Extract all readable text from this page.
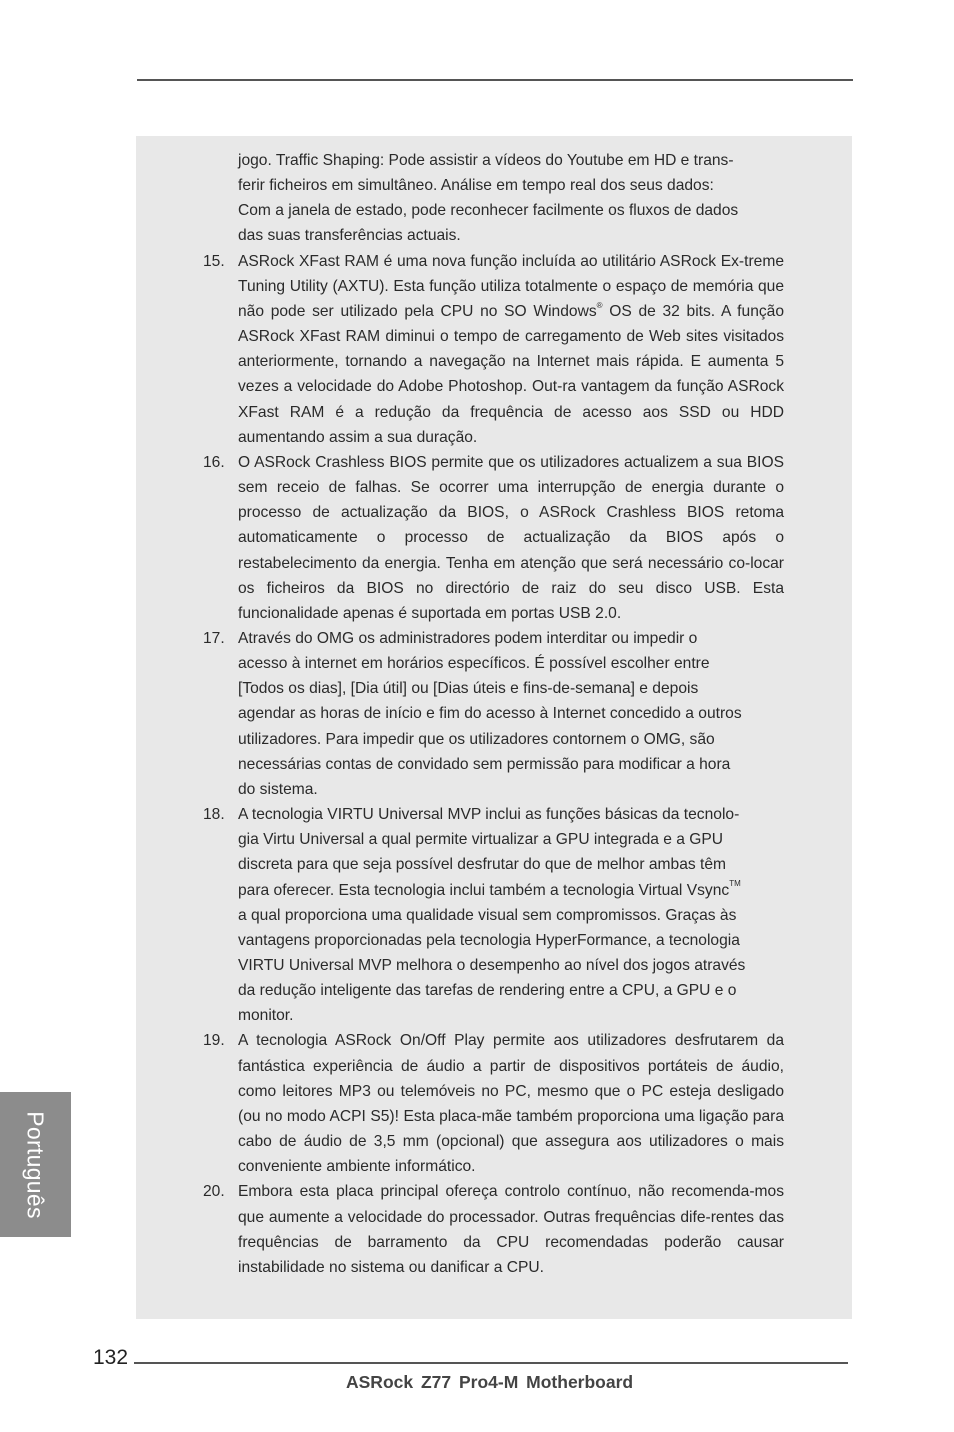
jogo. Traffic Shaping: Pode assistir a vídeos do Youtube em HD e trans-
ferir ficheiros em simultâneo. Análise em tempo real dos seus dados:
Com a janela de estado, pode reconhecer facilmente os fluxos de dados
das suas transferências actuais.
15. ASRock XFast RAM é uma nova função incluída ao utilitário ASRock Ex-treme Tuning Utility (AXTU). Esta função utiliza totalmente o espaço de memória que não pode ser utilizado pela CPU no SO Windows® OS de 32 bits. A função ASRock XFast RAM diminui o tempo de carregamento de Web sites visitados anteriormente, tornando a navegação na Internet mais rápida. E aumenta 5 vezes a velocidade do Adobe Photoshop. Out-ra vantagem da função ASRock XFast RAM é a redução da frequência de acesso aos SSD ou HDD aumentando assim a sua duração.
16. O ASRock Crashless BIOS permite que os utilizadores actualizem a sua BIOS sem receio de falhas. Se ocorrer uma interrupção de energia durante o processo de actualização da BIOS, o ASRock Crashless BIOS retoma automaticamente o processo de actualização da BIOS após o restabelecimento da energia. Tenha em atenção que será necessário co-locar os ficheiros da BIOS no directório de raiz do seu disco USB. Esta funcionalidade apenas é suportada em portas USB 2.0.
17. Através do OMG os administradores podem interditar ou impedir o
acesso à internet em horários específicos. É possível escolher entre
[Todos os dias], [Dia útil] ou [Dias úteis e fins-de-semana] e depois
agendar as horas de início e fim do acesso à Internet concedido a outros
utilizadores. Para impedir que os utilizadores contornem o OMG, são
necessárias contas de convidado sem permissão para modificar a hora
do sistema.
18. A tecnologia VIRTU Universal MVP inclui as funções básicas da tecnolo-
gia Virtu Universal a qual permite virtualizar a GPU integrada e a GPU
discreta para que seja possível desfrutar do que de melhor ambas têm
para oferecer. Esta tecnologia inclui também a tecnologia Virtual Vsync™
a qual proporciona uma qualidade visual sem compromissos. Graças às
vantagens proporcionadas pela tecnologia HyperFormance, a tecnologia
VIRTU Universal MVP melhora o desempenho ao nível dos jogos através
da redução inteligente das tarefas de rendering entre a CPU, a GPU e o
monitor.
19. A tecnologia ASRock On/Off Play permite aos utilizadores desfrutarem da fantástica experiência de áudio a partir de dispositivos portáteis de áudio, como leitores MP3 ou telemóveis no PC, mesmo que o PC esteja desligado (ou no modo ACPI S5)! Esta placa-mãe também proporciona uma ligação para cabo de áudio de 3,5 mm (opcional) que assegura aos utilizadores o mais conveniente ambiente informático.
20. Embora esta placa principal ofereça controlo contínuo, não recomenda-mos que aumente a velocidade do processador. Outras frequências dife-rentes das frequências de barramento da CPU recomendadas poderão causar instabilidade no sistema ou danificar a CPU.
Português
132
ASRock Z77 Pro4-M Motherboard
